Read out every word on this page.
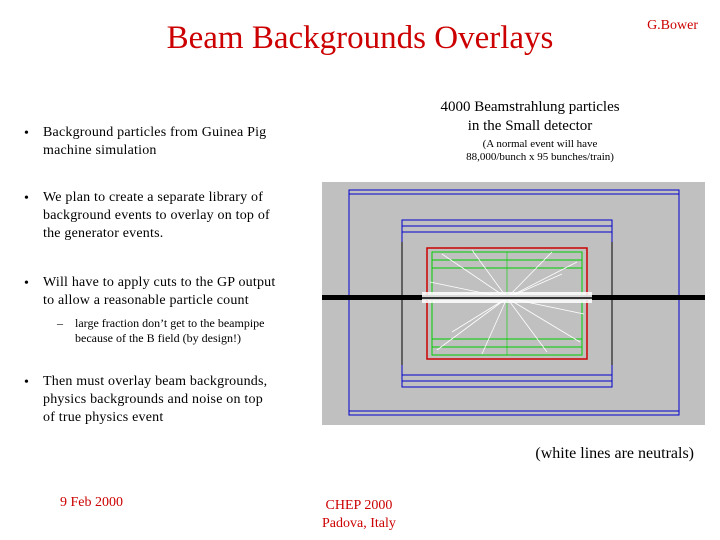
Beam Backgrounds Overlays	G.Bower
• Background particles from Guinea Pig
machine simulation
• We plan to create a separate library of
background events to overlay on top of
the generator events.
• Will have to apply cuts to the GP output
to allow a reasonable particle count
– large fraction don’t get to the beampipe
because of the B field (by design!)
• Then must overlay beam backgrounds,
physics backgrounds and noise on top
of true physics event
4000 Beamstrahlung particles
in the Small detector
(A normal event will have
88,000/bunch x 95 bunches/train)
(white lines are neutrals)
9 Feb 2000	CHEP 2000
Padova, Italy
